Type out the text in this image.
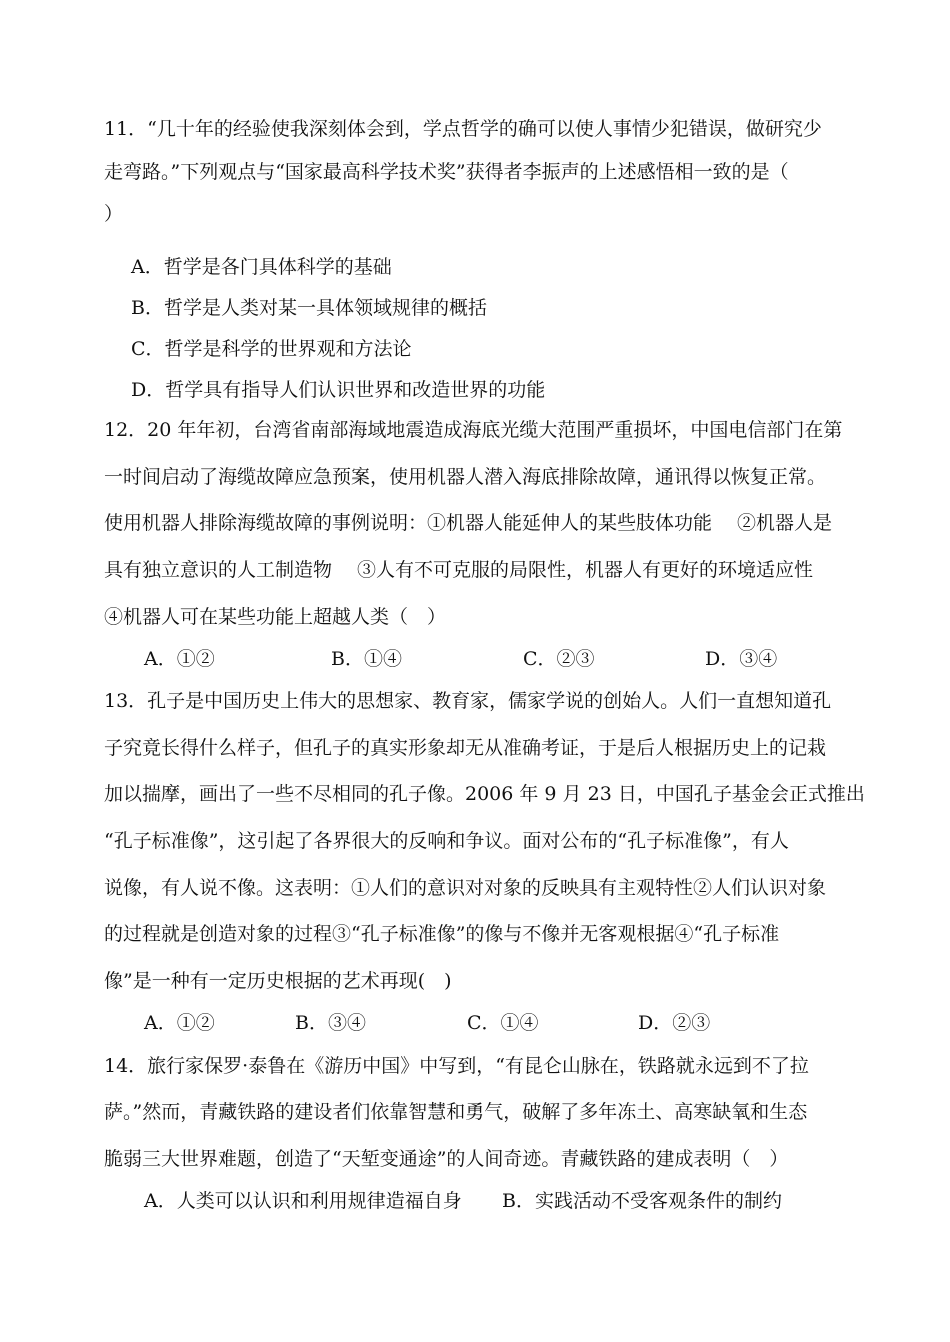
11．“几十年的经验使我深刻体会到，学点哲学的确可以使人事情少犯错误，做研究少
走弯路。”下列观点与“国家最高科学技术奖”获得者李振声的上述感悟相一致的是（
）
A．哲学是各门具体科学的基础
B．哲学是人类对某一具体领域规律的概括
C．哲学是科学的世界观和方法论
D．哲学具有指导人们认识世界和改造世界的功能
12．20 年年初，台湾省南部海域地震造成海底光缆大范围严重损坏，中国电信部门在第
一时间启动了海缆故障应急预案，使用机器人潜入海底排除故障，通讯得以恢复正常。
使用机器人排除海缆故障的事例说明：①机器人能延伸人的某些肢体功能　 ②机器人是
具有独立意识的人工制造物　 ③人有不可克服的局限性，机器人有更好的环境适应性
④机器人可在某些功能上超越人类（　）
A．①②	B．①④	C．②③	D．③④
13．孔子是中国历史上伟大的思想家、教育家，儒家学说的创始人。人们一直想知道孔
子究竟长得什么样子，但孔子的真实形象却无从准确考证，于是后人根据历史上的记栽
加以揣摩，画出了一些不尽相同的孔子像。2006 年 9 月 23 日，中国孔子基金会正式推出
“孔子标准像”，这引起了各界很大的反响和争议。面对公布的“孔子标准像”，有人
说像，有人说不像。这表明：①人们的意识对对象的反映具有主观特性②人们认识对象
的过程就是创造对象的过程③“孔子标准像”的像与不像并无客观根据④“孔子标准
像”是一种有一定历史根据的艺术再现(　)
A．①②	B．③④	C．①④	D．②③
14．旅行家保罗·泰鲁在《游历中国》中写到，“有昆仑山脉在，铁路就永远到不了拉
萨。”然而，青藏铁路的建设者们依靠智慧和勇气，破解了多年冻土、高寒缺氧和生态
脆弱三大世界难题，创造了“天堑变通途”的人间奇迹。青藏铁路的建成表明（　）
A．人类可以认识和利用规律造福自身 B．实践活动不受客观条件的制约
